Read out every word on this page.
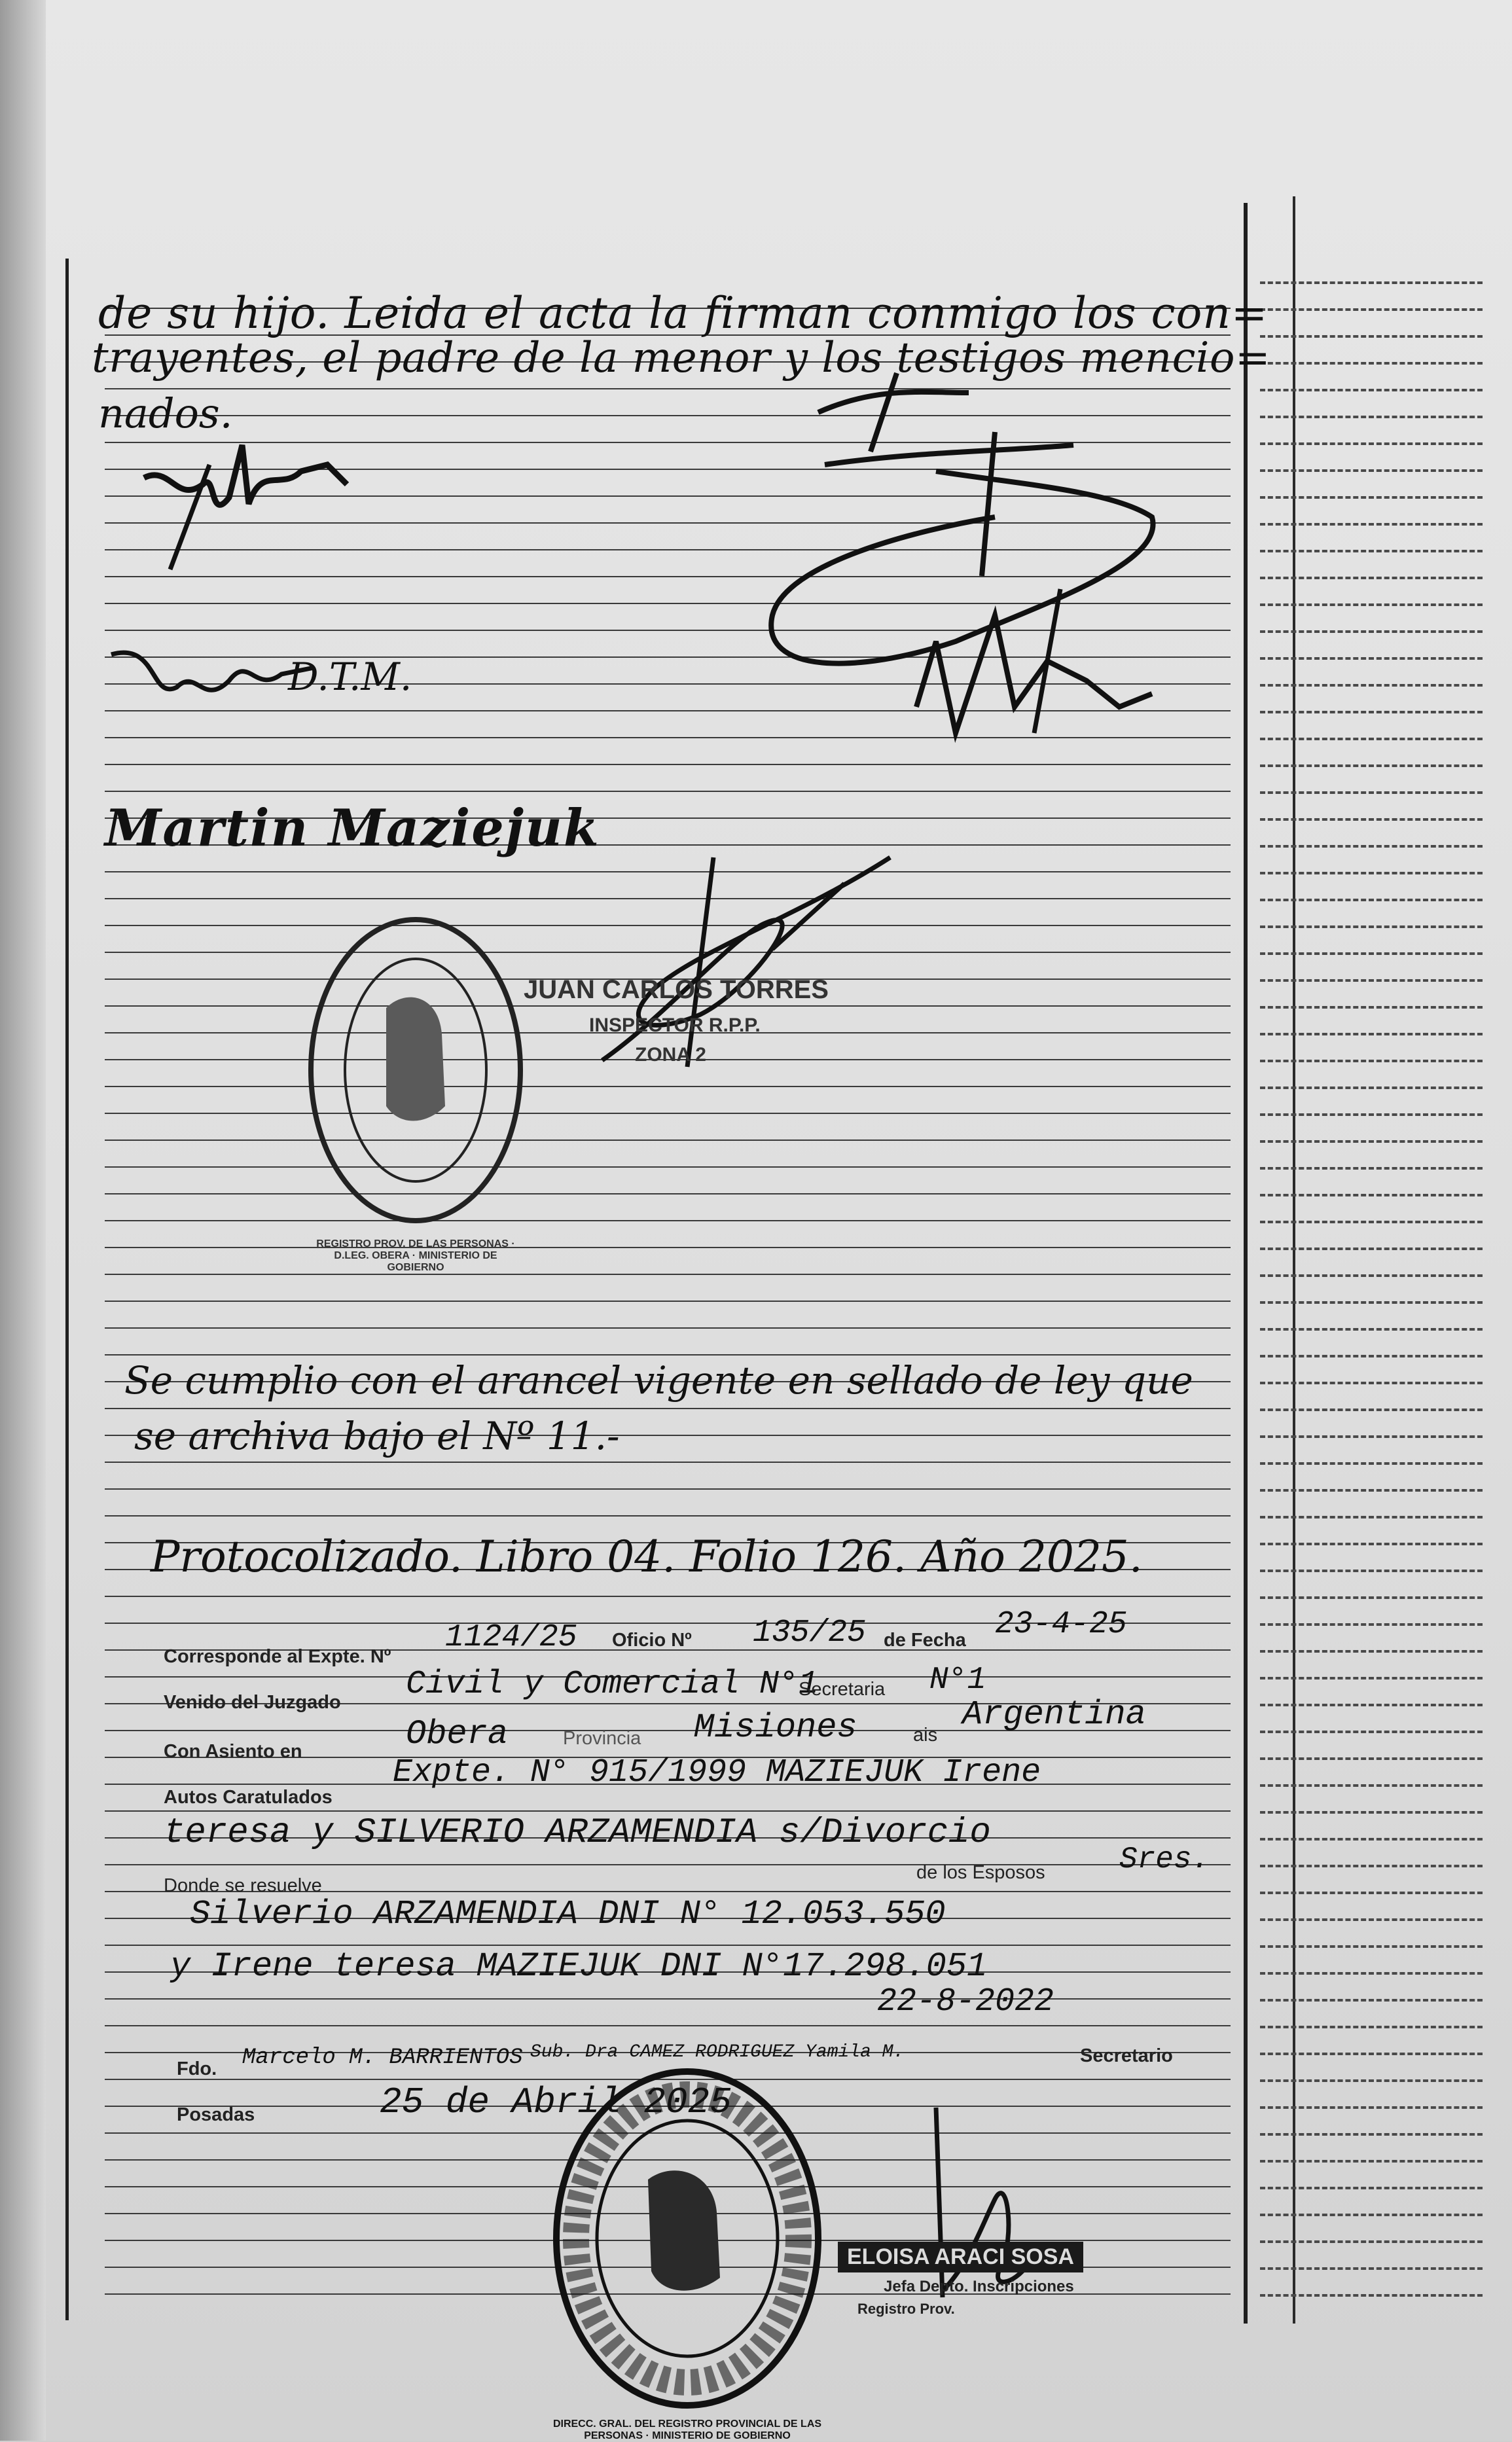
de su hijo. Leida el acta la firman conmigo los con=
trayentes, el padre de la menor y los testigos mencio=
nados.
D.T.M.
Martin Maziejuk
REGISTRO PROV. DE LAS PERSONAS · D.LEG. OBERA · MINISTERIO DE GOBIERNO
JUAN CARLOS TORRES
INSPECTOR R.P.P.
ZONA 2
Se cumplio con el arancel vigente en sellado de ley que
se archiva bajo el Nº 11.-
Protocolizado. Libro 04. Folio 126. Año 2025.
Corresponde al Expte. Nº
1124/25 Oficio Nº 135/25 de Fecha 23-4-25
Venido del Juzgado Civil y Comercial N°1
Secretaria N°1
Con Asiento en	Obera	Provincia Misiones	ais
Argentina
Autos Caratulados
Expte. N° 915/1999 MAZIEJUK Irene
teresa y SILVERIO ARZAMENDIA s/Divorcio
Donde se resuelve
de los Esposos Sres.
Silverio ARZAMENDIA DNI N° 12.053.550
y Irene teresa MAZIEJUK DNI N°17.298.051
22-8-2022
Fdo. Marcelo M. BARRIENTOS Sub. Dra CAMEZ RODRIGUEZ Yamila M.	Secretario
Posadas	25 de Abril 2025
DIRECC. GRAL. DEL REGISTRO PROVINCIAL DE LAS PERSONAS · MINISTERIO DE GOBIERNO
ELOISA ARACI SOSA
Jefa Depto. Inscripciones
Registro Prov.
